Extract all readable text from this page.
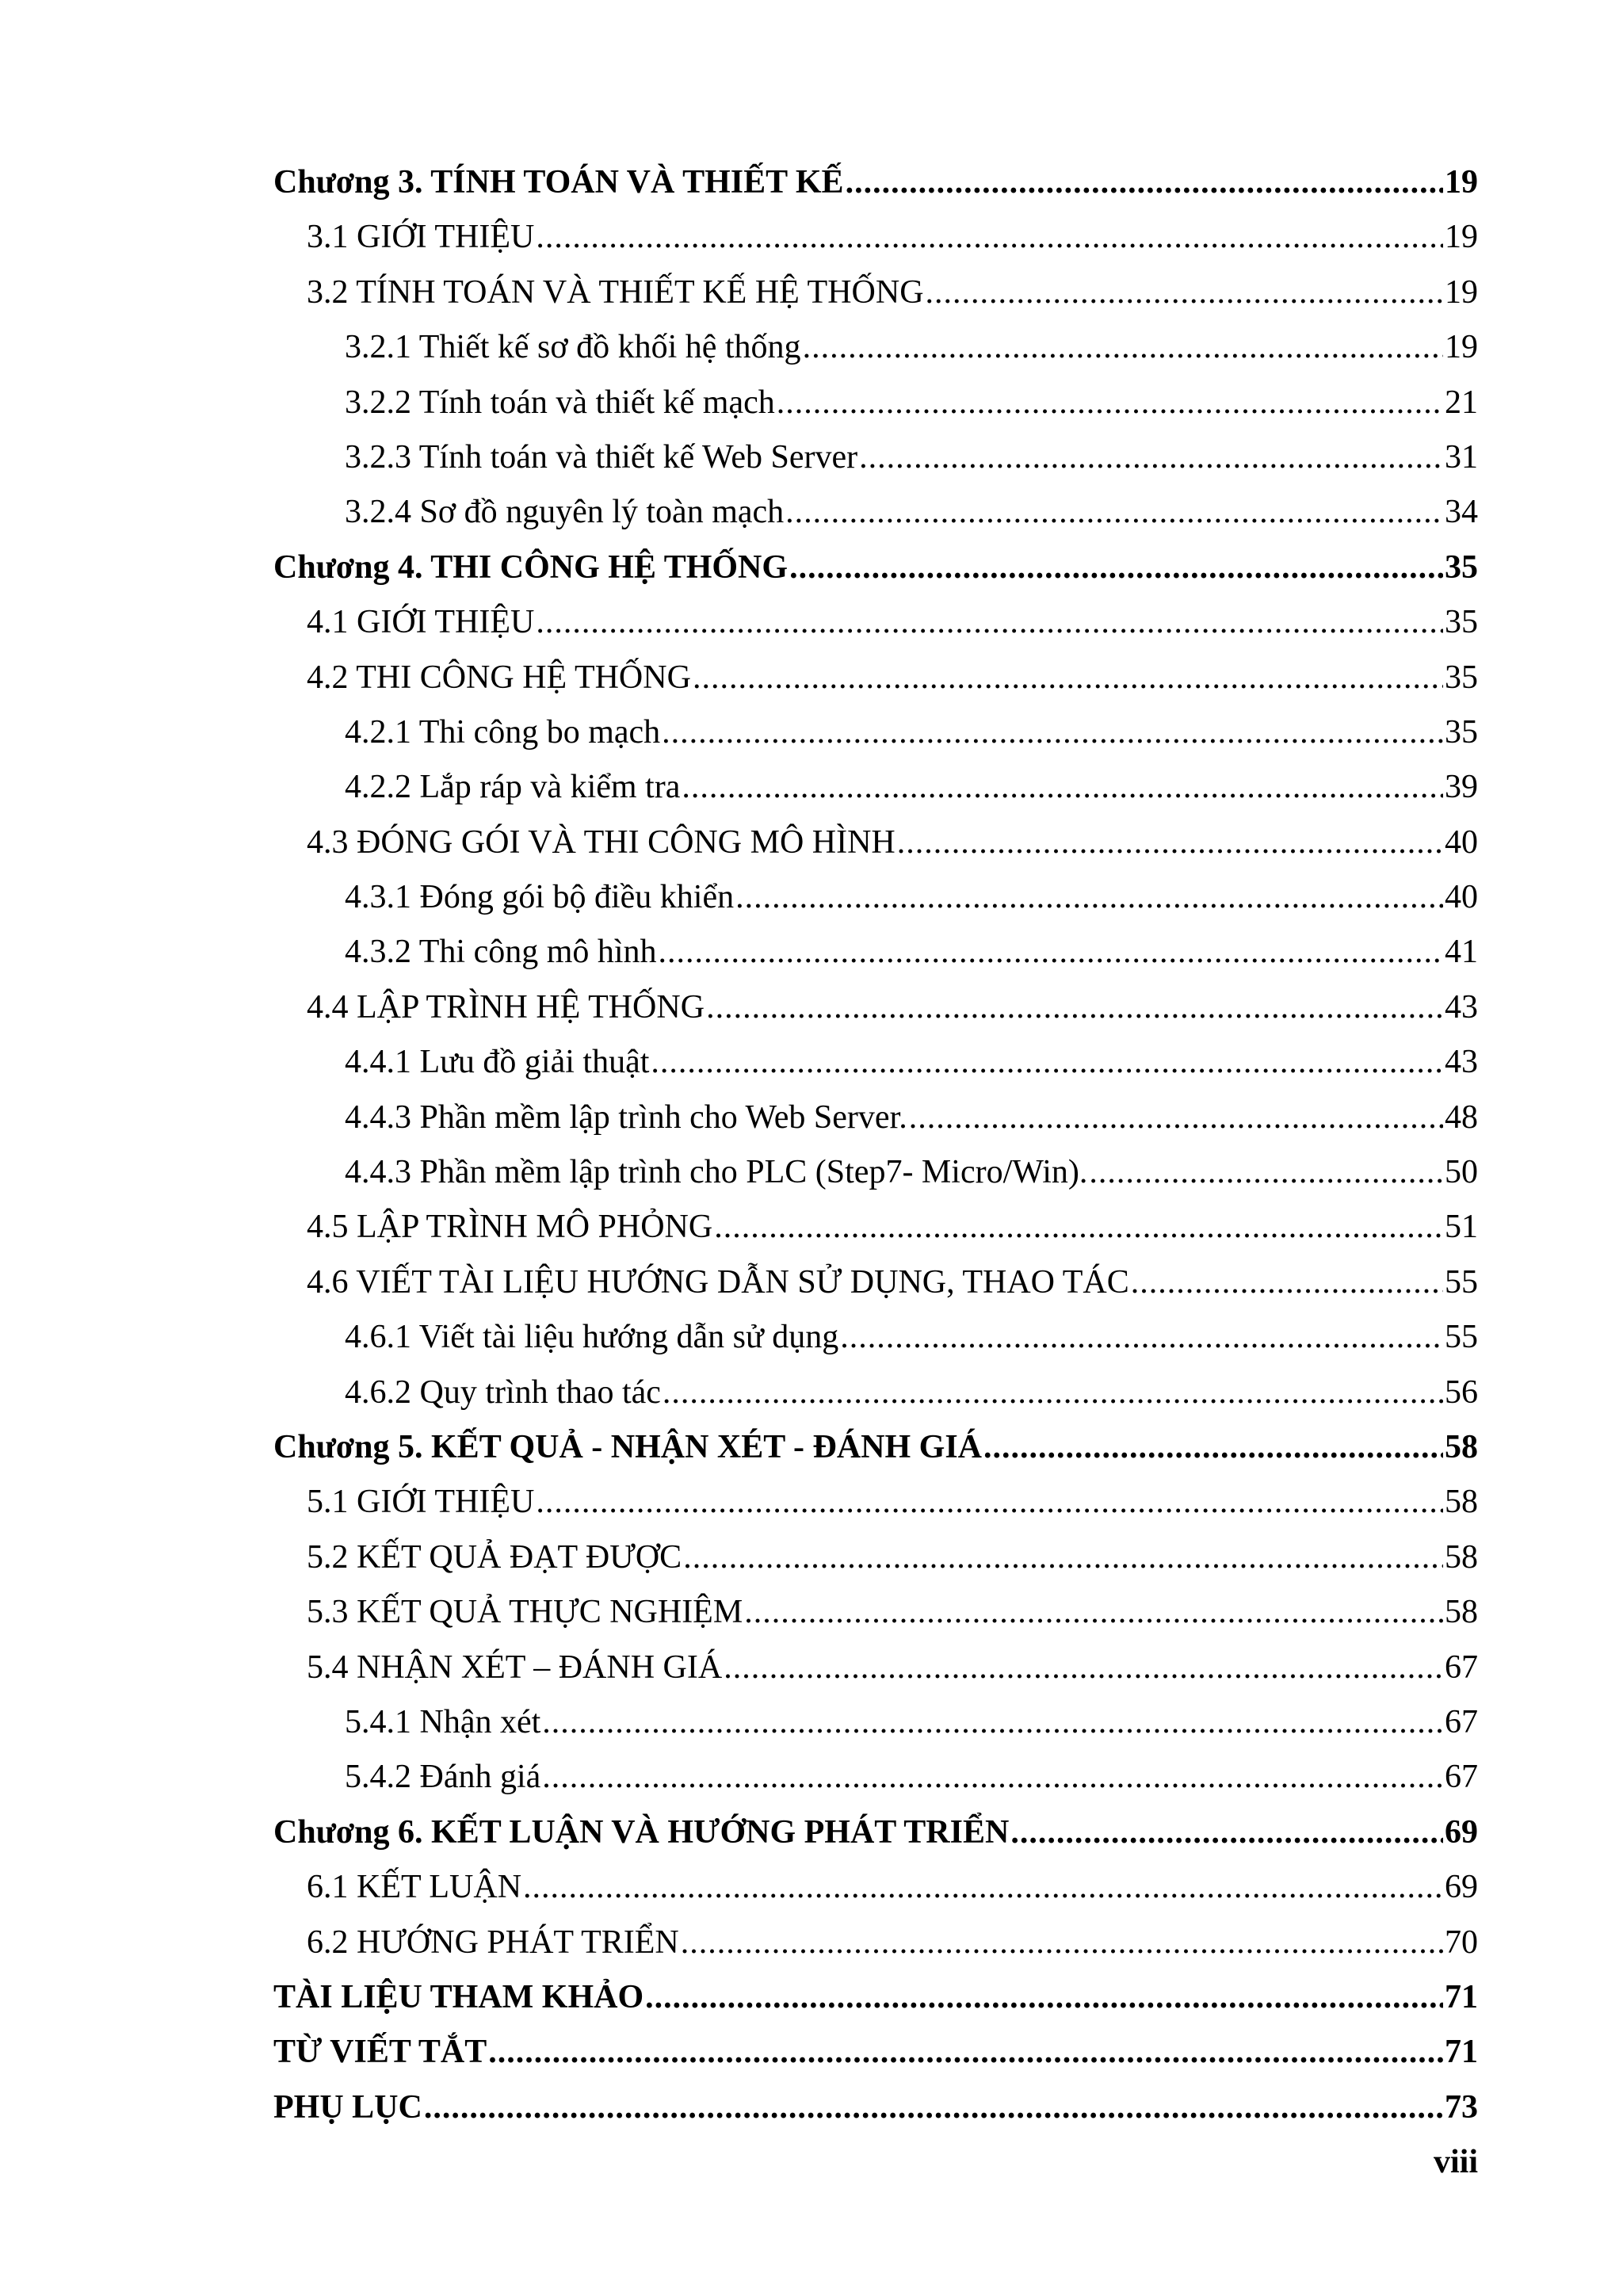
Chương 3. TÍNH TOÁN VÀ THIẾT KẾ .....	19
3.1 GIỚI THIỆU .....	19
3.2 TÍNH TOÁN VÀ THIẾT KẾ HỆ THỐNG .....	19
3.2.1 Thiết kế sơ đồ khối hệ thống .....	19
3.2.2 Tính toán và thiết kế mạch .....	21
3.2.3 Tính toán và thiết kế Web Server .....	31
3.2.4 Sơ đồ nguyên lý toàn mạch .....	34
Chương 4. THI CÔNG HỆ THỐNG .....	35
4.1 GIỚI THIỆU .....	35
4.2 THI CÔNG HỆ THỐNG .....	35
4.2.1 Thi công bo mạch .....	35
4.2.2 Lắp ráp và kiểm tra .....	39
4.3 ĐÓNG GÓI VÀ THI CÔNG MÔ HÌNH .....	40
4.3.1 Đóng gói bộ điều khiển .....	40
4.3.2 Thi công mô hình .....	41
4.4 LẬP TRÌNH HỆ THỐNG .....	43
4.4.1 Lưu đồ giải thuật .....	43
4.4.3 Phần mềm lập trình cho Web Server. .....	48
4.4.3 Phần mềm lập trình cho PLC (Step7- Micro/Win). .....	50
4.5 LẬP TRÌNH MÔ PHỎNG .....	51
4.6 VIẾT TÀI LIỆU HƯỚNG DẪN SỬ DỤNG, THAO TÁC .....	55
4.6.1 Viết tài liệu hướng dẫn sử dụng .....	55
4.6.2 Quy trình thao tác .....	56
Chương 5. KẾT QUẢ - NHẬN XÉT - ĐÁNH GIÁ .....	58
5.1 GIỚI THIỆU .....	58
5.2 KẾT QUẢ ĐẠT ĐƯỢC .....	58
5.3 KẾT QUẢ THỰC NGHIỆM .....	58
5.4 NHẬN XÉT – ĐÁNH GIÁ .....	67
5.4.1 Nhận xét .....	67
5.4.2 Đánh giá .....	67
Chương 6. KẾT LUẬN VÀ HƯỚNG PHÁT TRIỂN .....	69
6.1 KẾT LUẬN .....	69
6.2 HƯỚNG PHÁT TRIỂN .....	70
TÀI LIỆU THAM KHẢO .....	71
TỪ VIẾT TẮT .....	71
PHỤ LỤC .....	73
viii
